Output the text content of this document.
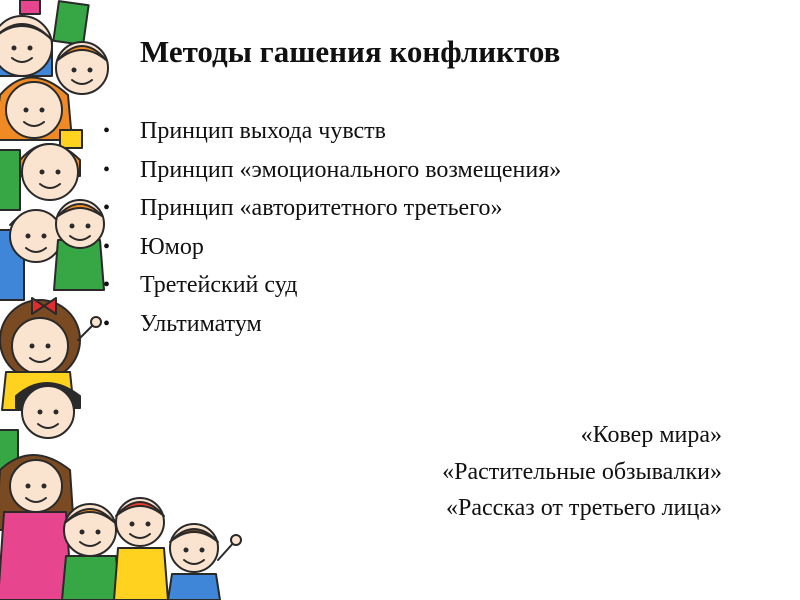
Методы гашения конфликтов
• Принцип выхода чувств
• Принцип «эмоционального возмещения»
• Принцип «авторитетного третьего»
• Юмор
• Третейский суд
• Ультиматум
«Ковер мира»
«Растительные обзывалки»
«Рассказ от третьего лица»
